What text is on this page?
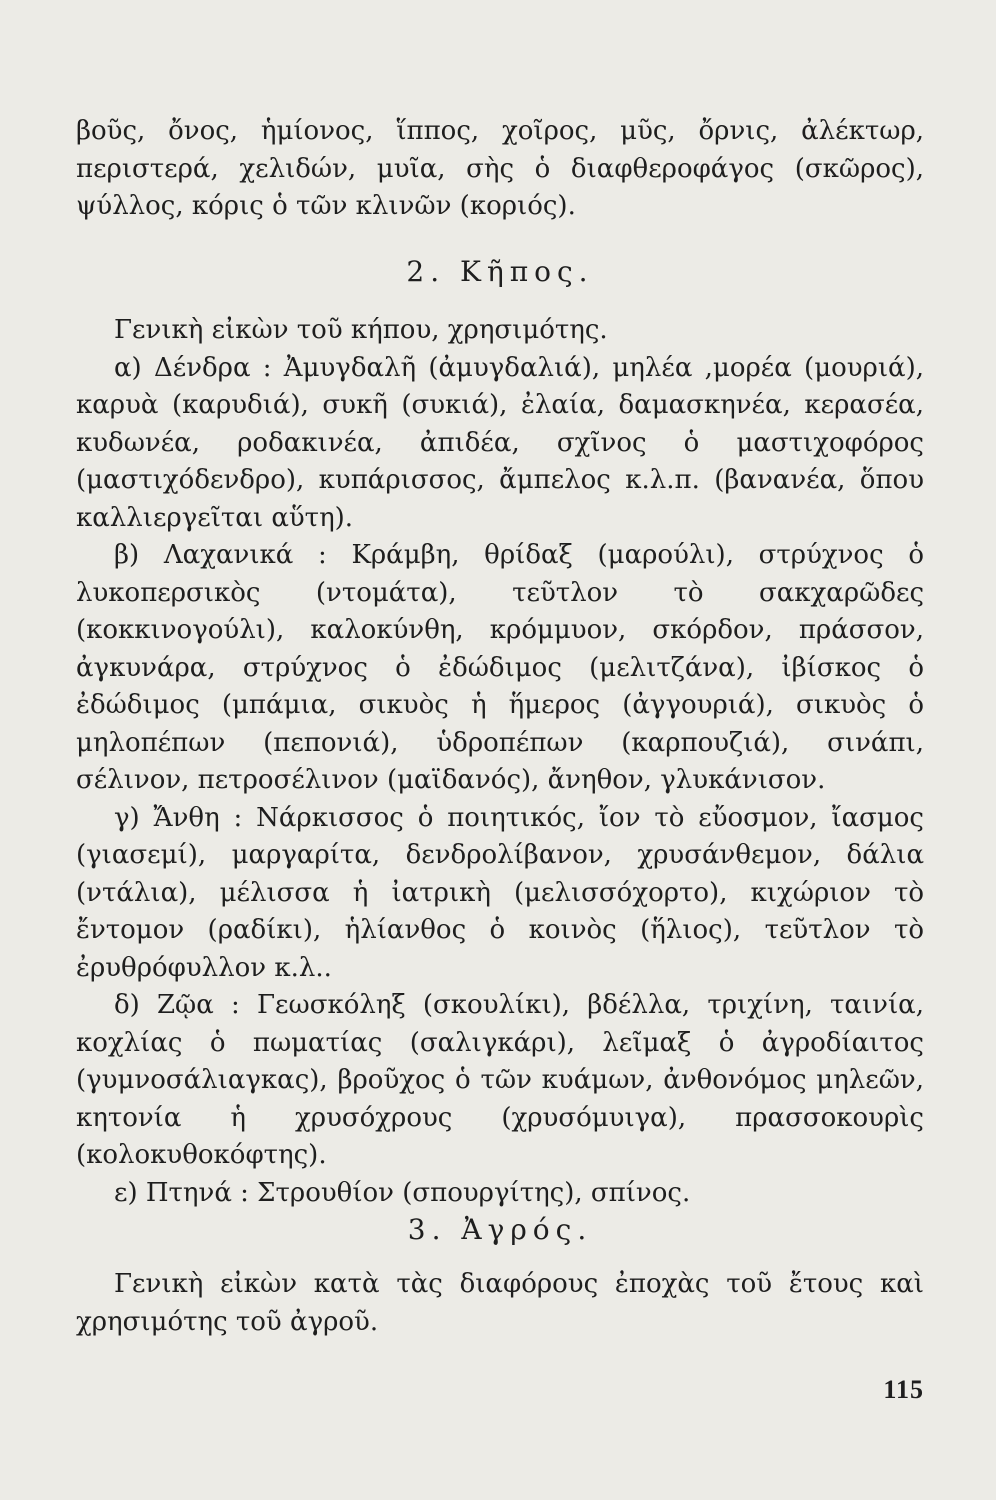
βοῦς, ὄνος, ἡμίονος, ἵππος, χοῖρος, μῦς, ὄρνις, ἀλέκτωρ, περιστερά, χελιδών, μυῖα, σὴς ὁ διαφθεροφάγος (σκῶρος), ψύλλος, κόρις ὁ τῶν κλινῶν (κοριός).

2. Κῆπος.

Γενικὴ εἰκὼν τοῦ κήπου, χρησιμότης.

α) Δένδρα : Ἀμυγδαλῆ (ἀμυγδαλιά), μηλέα ,μορέα (μουριά), καρυὰ (καρυδιά), συκῆ (συκιά), ἐλαία, δαμασκηνέα, κερασέα, κυδωνέα, ροδακινέα, ἀπιδέα, σχῖνος ὁ μαστιχοφόρος (μαστιχόδενδρο), κυπάρισσος, ἄμπελος κ.λ.π. (βανανέα, ὅπου καλλιεργεῖται αὕτη).

β) Λαχανικά : Κράμβη, θρίδαξ (μαρούλι), στρύχνος ὁ λυκοπερσικὸς (ντομάτα), τεῦτλον τὸ σακχαρῶδες (κοκκινογούλι), καλοκύνθη, κρόμμυον, σκόρδον, πράσσον, ἀγκυνάρα, στρύχνος ὁ ἐδώδιμος (μελιτζάνα), ἰβίσκος ὁ ἐδώδιμος (μπάμια, σικυὸς ἡ ἥμερος (ἀγγουριά), σικυὸς ὁ μηλοπέπων (πεπονιά), ὑδροπέπων (καρπουζιά), σινάπι, σέλινον, πετροσέλινον (μαϊδανός), ἄνηθον, γλυκάνισον.

γ) Ἄνθη : Νάρκισσος ὁ ποιητικός, ἴον τὸ εὔοσμον, ἴασμος (γιασεμί), μαργαρίτα, δενδρολίβανον, χρυσάνθεμον, δάλια (ντάλια), μέλισσα ἡ ἰατρικὴ (μελισσόχορτο), κιχώριον τὸ ἔντομον (ραδίκι), ἡλίανθος ὁ κοινὸς (ἥλιος), τεῦτλον τὸ ἐρυθρόφυλλον κ.λ..

δ) Ζῷα : Γεωσκόληξ (σκουλίκι), βδέλλα, τριχίνη, ταινία, κοχλίας ὁ πωματίας (σαλιγκάρι), λεῖμαξ ὁ ἀγροδίαιτος (γυμνοσάλιαγκας), βροῦχος ὁ τῶν κυάμων, ἀνθονόμος μηλεῶν, κητονία ἡ χρυσόχρους (χρυσόμυιγα), πρασσοκουρὶς (κολοκυθοκόφτης).

ε) Πτηνά : Στρουθίον (σπουργίτης), σπίνος.

3. Ἀγρός.

Γενικὴ εἰκὼν κατὰ τὰς διαφόρους ἐποχὰς τοῦ ἔτους καὶ χρησιμότης τοῦ ἀγροῦ.

115
